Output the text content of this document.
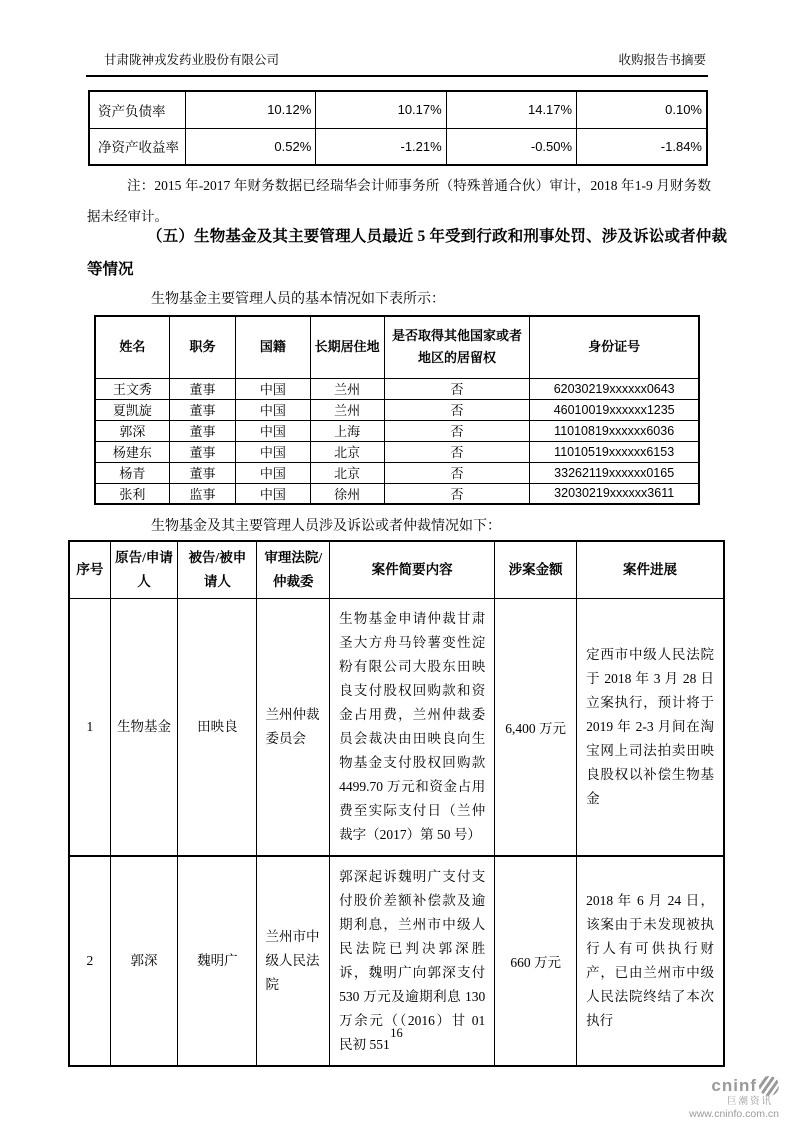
甘肃陇神戎发药业股份有限公司	收购报告书摘要
资产负债率	10.12%	10.17%	14.17%	0.10%
净资产收益率	0.52%	-1.21%	-0.50%	-1.84%
注：2015 年-2017 年财务数据已经瑞华会计师事务所（特殊普通合伙）审计，2018 年1-9 月财务数据未经审计。
（五）生物基金及其主要管理人员最近 5 年受到行政和刑事处罚、涉及诉讼或者仲裁等情况
生物基金主要管理人员的基本情况如下表所示：
姓名	职务	国籍	长期居住地	是否取得其他国家或者地区的居留权	身份证号
王文秀	董事	中国	兰州	否	62030219xxxxxx0643
夏凯旋	董事	中国	兰州	否	46010019xxxxxx1235
郭深	董事	中国	上海	否	11010819xxxxxx6036
杨建东	董事	中国	北京	否	11010519xxxxxx6153
杨青	董事	中国	北京	否	33262119xxxxxx0165
张利	监事	中国	徐州	否	32030219xxxxxx3611
生物基金及其主要管理人员涉及诉讼或者仲裁情况如下：
序号	原告/申请人	被告/被申请人	审理法院/仲裁委	案件简要内容	涉案金额	案件进展
1	生物基金	田映良	兰州仲裁委员会	生物基金申请仲裁甘肃圣大方舟马铃薯变性淀粉有限公司大股东田映良支付股权回购款和资金占用费，兰州仲裁委员会裁决由田映良向生物基金支付股权回购款 4499.70 万元和资金占用费至实际支付日（兰仲裁字（2017）第 50 号）	6,400 万元	定西市中级人民法院于 2018 年 3 月 28 日立案执行，预计将于 2019 年 2-3 月间在淘宝网上司法拍卖田映良股权以补偿生物基金
2	郭深	魏明广	兰州市中级人民法院	郭深起诉魏明广支付支付股价差额补偿款及逾期利息，兰州市中级人民法院已判决郭深胜诉，魏明广向郭深支付 530 万元及逾期利息 130 万余元（（2016）甘 01 民初 551	660 万元	2018 年 6 月 24 日，该案由于未发现被执行人有可供执行财产，已由兰州市中级人民法院终结了本次执行
16
cninf
巨潮资讯
www.cninfo.com.cn
